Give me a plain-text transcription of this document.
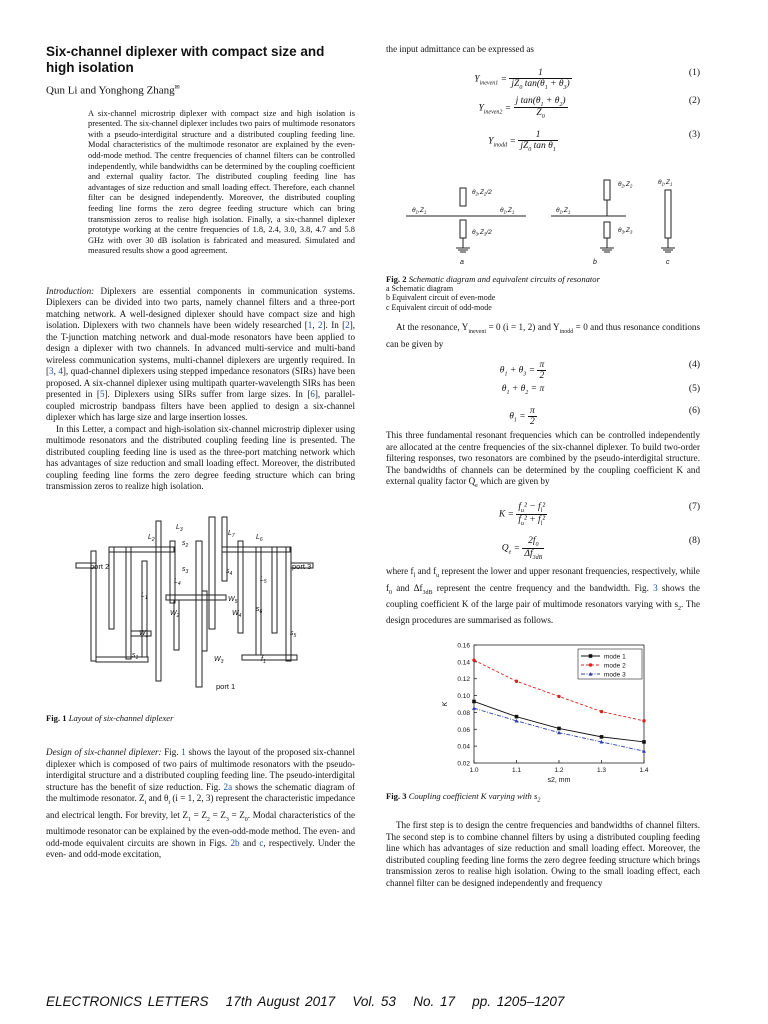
Six-channel diplexer with compact size and high isolation
Qun Li and Yonghong Zhang✉
A six-channel microstrip diplexer with compact size and high isolation is presented. The six-channel diplexer includes two pairs of multimode resonators with a pseudo-interdigital structure and a distributed coupling feeding line. Modal characteristics of the multimode resonator are explained by the even-odd-mode method. The centre frequencies of channel filters can be controlled independently, while bandwidths can be determined by the coupling coefficient and external quality factor. The distributed coupling feeding line has advantages of size reduction and small loading effect. Therefore, each channel filter can be designed independently. Moreover, the distributed coupling feeding line forms the zero degree feeding structure which can bring transmission zeros to realise high isolation. Finally, a six-channel diplexer prototype working at the centre frequencies of 1.8, 2.4, 3.0, 3.8, 4.7 and 5.8 GHz with over 30 dB isolation is fabricated and measured. Simulated and measured results show a good agreement.

Introduction: Diplexers are essential components in communication systems. Diplexers can be divided into two parts, namely channel filters and a three-port matching network. A well-designed diplexer should have compact size and high isolation. Diplexers with two channels have been widely researched [1, 2]. In [2], the T-junction matching network and dual-mode resonators have been applied to design a diplexer with two channels. In advanced multi-service and multi-band wireless communication systems, multi-channel diplexers are urgently required. In [3, 4], quad-channel diplexers using stepped impedance resonators (SIRs) have been proposed. A six-channel diplexer using multipath quarter-wavelength SIRs has been presented in [5]. Diplexers using SIRs suffer from large sizes. In [6], parallel-coupled microstrip bandpass filters have been applied to design a six-channel diplexer which has large size and large insertion losses.

In this Letter, a compact and high-isolation six-channel microstrip diplexer using multimode resonators and the distributed coupling feeding line is presented. The distributed coupling feeding line is used as the three-port matching network which has advantages of size reduction and small loading effect. Moreover, the distributed coupling feeding line forms the zero degree feeding structure which can bring transmission zeros to realize high isolation.

$L_3$
$L_2$	$s_2$
$s_3$
$L_4$
$L_1$
$W_2$
$W_1$
$s_1$	$W_3$	$f_1$
$L_7$	$L_6$
$s_4$
$L_5$
$W_5$
$W_4$
$s_6$
$s_5$
port 2	port 3
port 1
Fig. 1 Layout of six-channel diplexer

Design of six-channel diplexer: Fig. 1 shows the layout of the proposed six-channel diplexer which is composed of two pairs of multimode resonators with the pseudo-interdigital structure and a distributed coupling feeding line. The pseudo-interdigital structure has the benefit of size reduction. Fig. 2a shows the schematic diagram of the multimode resonator. $Z_i$ and $\theta_i$ (i = 1, 2, 3) represent the characteristic impedance and electrical length. For brevity, let $Z_1 = Z_2 = Z_3 = Z_0$. Modal characteristics of the multimode resonator can be explained by the even-odd-mode method. The even- and odd-mode equivalent circuits are shown in Figs. 2b and c, respectively. Under the even- and odd-mode excitation,

the input admittance can be expressed as

$Y_{ineven1} = \frac{1}{jZ_0 \tan(\theta_1 + \theta_3)}$	(1)
$Y_{ineven2} = \frac{j \tan(\theta_1 + \theta_2)}{Z_0}$	(2)
$Y_{inodd} = \frac{1}{jZ_0 \tan \theta_1}$	(3)
$\theta_2,Z_2/2$
$\theta_1,Z_1$	$\theta_1,Z_1$
$\theta_3,Z_3/2$
$\theta_1,Z_1$
$\theta_2,Z_2$
$\theta_3,Z_3$
$\theta_1,Z_1$
a	b	c
Fig. 2 Schematic diagram and equivalent circuits of resonator
a Schematic diagram
b Equivalent circuit of even-mode
c Equivalent circuit of odd-mode

At the resonance, $Y_{ineveni} = 0$ (i = 1, 2) and $Y_{inodd} = 0$ and thus resonance conditions can be given by

$\theta_1 + \theta_3 = \frac{\pi}{2}$	(4)
$\theta_1 + \theta_2 = \pi$	(5)
$\theta_1 = \frac{\pi}{2}$	(6)

This three fundamental resonant frequencies which can be controlled independently are allocated at the centre frequencies of the six-channel diplexer. To build two-order filtering responses, two resonators are combined by the pseudo-interdigital structure. The bandwidths of channels can be determined by the coupling coefficient K and external quality factor $Q_e$ which are given by

$K = \frac{f_u^2 - f_l^2}{f_u^2 + f_l^2}$	(7)
$Q_e = \frac{2f_0}{\Delta f_{3dB}}$	(8)

where $f_l$ and $f_u$ represent the lower and upper resonant frequencies, respectively, while $f_0$ and $\Delta f_{3dB}$ represent the centre frequency and the bandwidth. Fig. 3 shows the coupling coefficient K of the large pair of multimode resonators varying with $s_2$. The design procedures are summarised as follows.

0.02
0.04
0.06
0.08
0.10
0.12
0.14
0.16
1.0	1.1	1.2	1.3	1.4
s2, mm
K
mode 1
mode 2
mode 3
Fig. 3 Coupling coefficient K varying with $s_2$

The first step is to design the centre frequencies and bandwidths of channel filters. The second step is to combine channel filters by using a distributed coupling feeding line which has advantages of size reduction and small loading effect. Moreover, the distributed coupling feeding line forms the zero degree feeding structure which brings transmission zeros to realise high isolation. Owing to the small loading effect, each channel filter can be designed independently and frequency

ELECTRONICS LETTERS 17th August 2017 Vol. 53 No. 17 pp. 1205–1207
